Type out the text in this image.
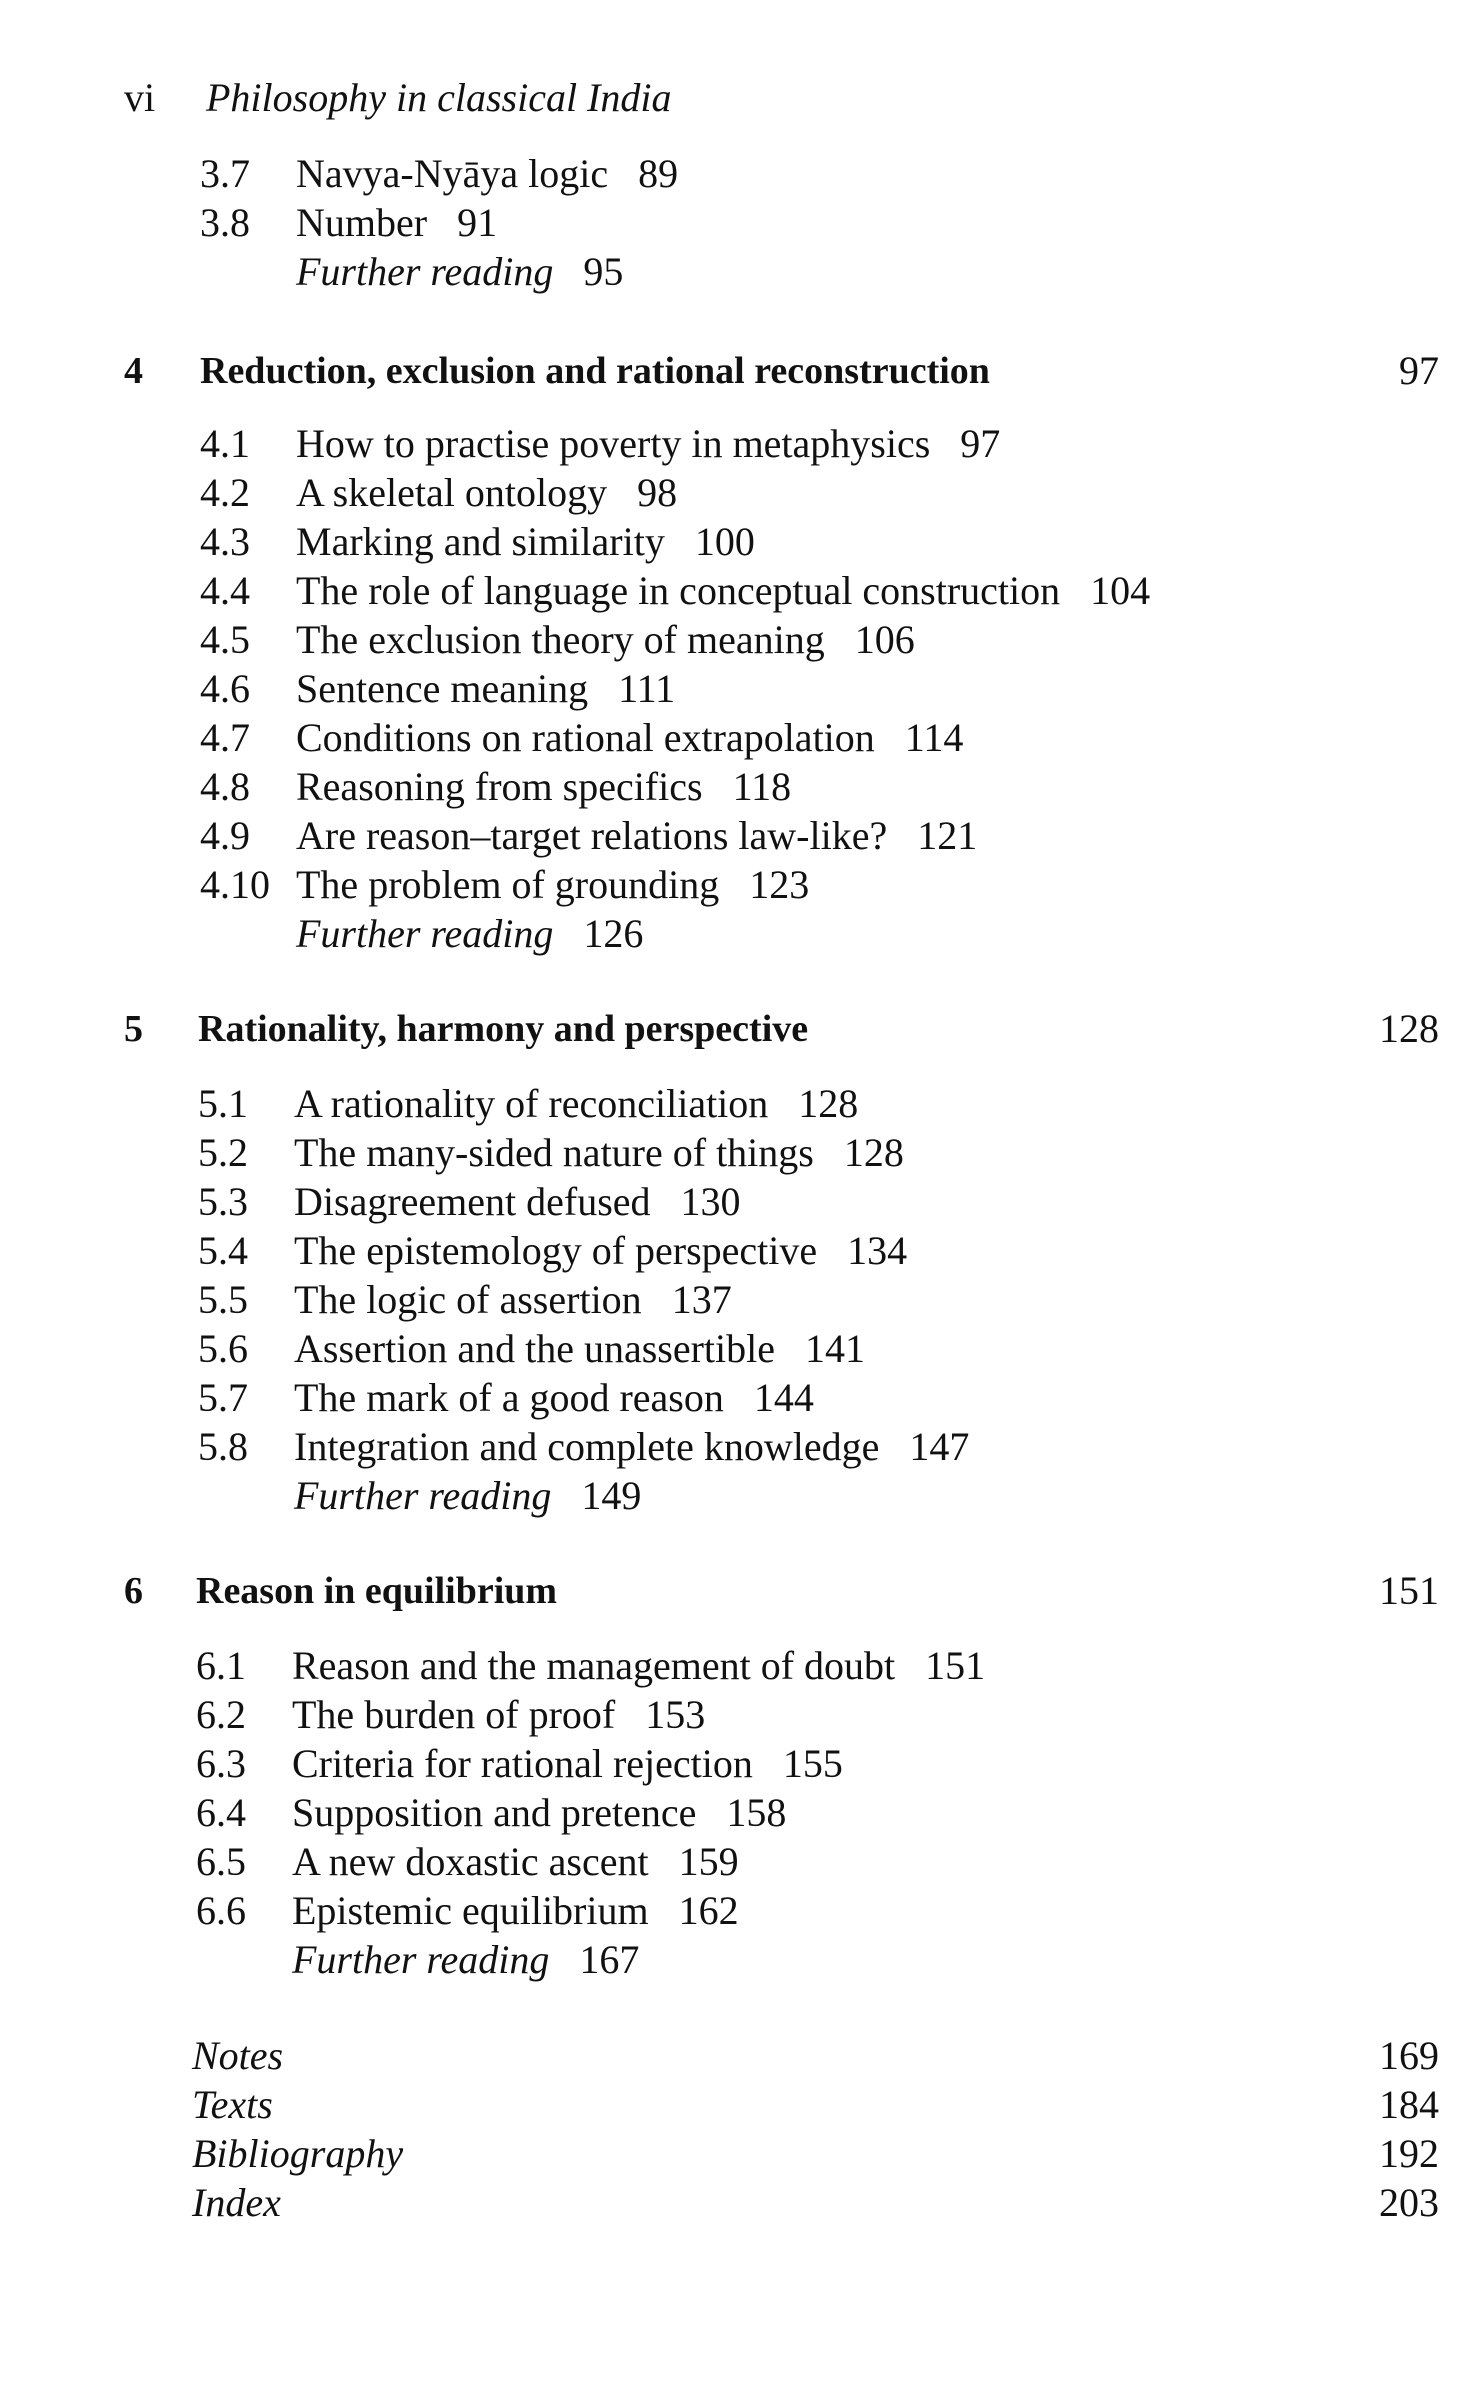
vi Philosophy in classical India
3.7 Navya-Nyāya logic 89
3.8 Number 91
Further reading 95
4 Reduction, exclusion and rational reconstruction	97
4.1 How to practise poverty in metaphysics 97
4.2 A skeletal ontology 98
4.3 Marking and similarity 100
4.4 The role of language in conceptual construction 104
4.5 The exclusion theory of meaning 106
4.6 Sentence meaning 111
4.7 Conditions on rational extrapolation 114
4.8 Reasoning from specifics 118
4.9 Are reason–target relations law-like? 121
4.10 The problem of grounding 123
Further reading 126
5 Rationality, harmony and perspective	128
5.1 A rationality of reconciliation 128
5.2 The many-sided nature of things 128
5.3 Disagreement defused 130
5.4 The epistemology of perspective 134
5.5 The logic of assertion 137
5.6 Assertion and the unassertible 141
5.7 The mark of a good reason 144
5.8 Integration and complete knowledge 147
Further reading 149
6 Reason in equilibrium	151
6.1 Reason and the management of doubt 151
6.2 The burden of proof 153
6.3 Criteria for rational rejection 155
6.4 Supposition and pretence 158
6.5 A new doxastic ascent 159
6.6 Epistemic equilibrium 162
Further reading 167
Notes	169
Texts	184
Bibliography	192
Index	203
